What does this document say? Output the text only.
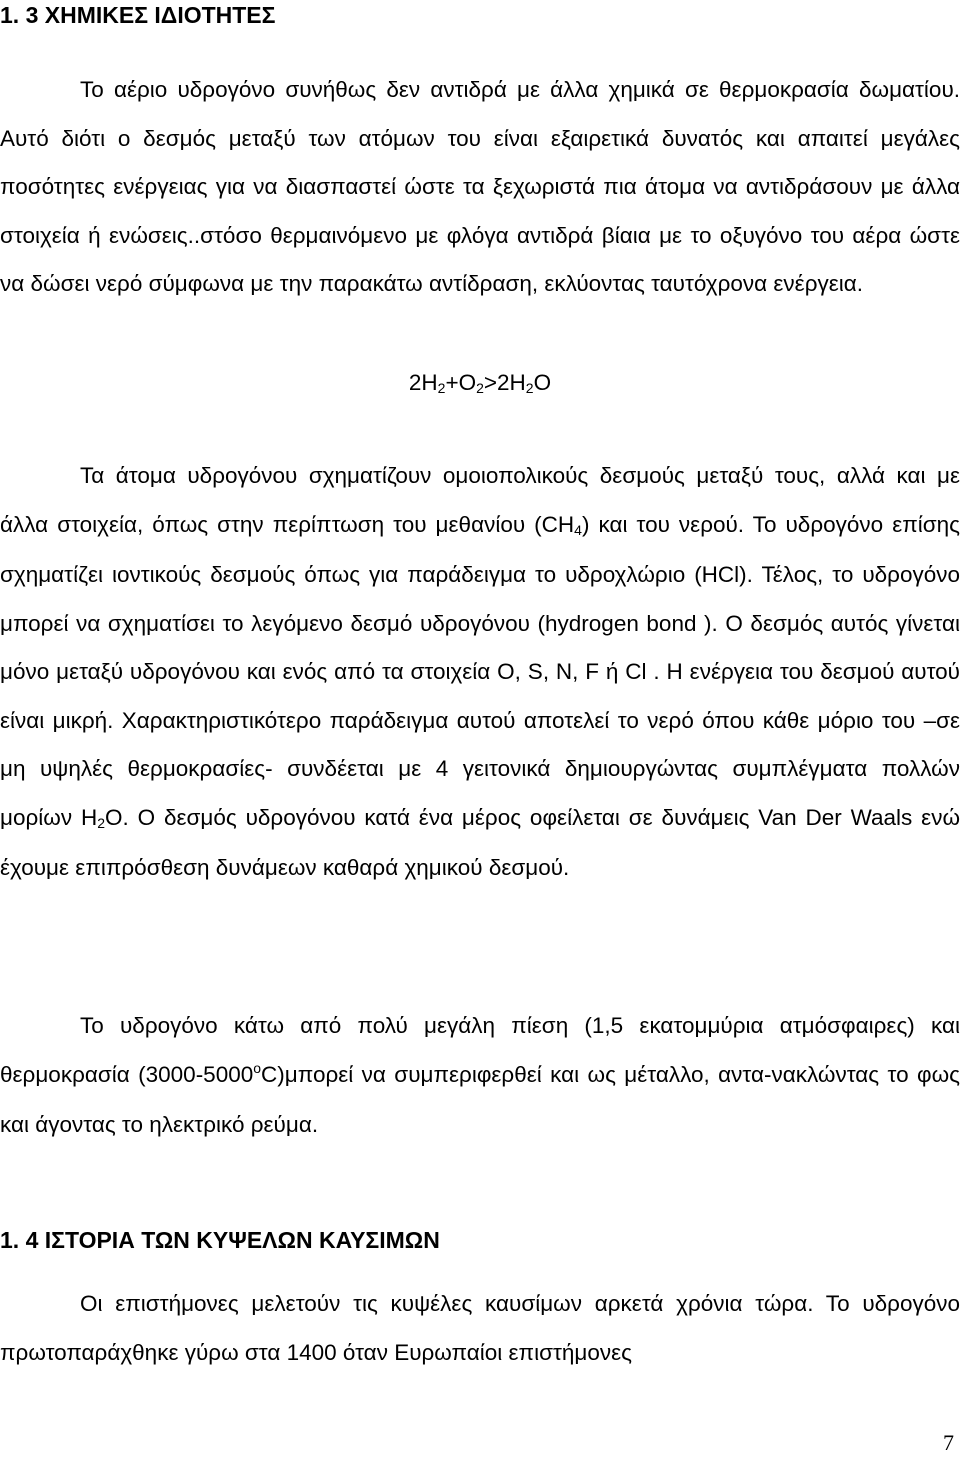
1. 3 ΧΗΜΙΚΕΣ ΙΔΙΟΤΗΤΕΣ

Το αέριο υδρογόνο συνήθως δεν αντιδρά με άλλα χημικά σε θερμοκρασία δωματίου. Αυτό διότι ο δεσμός μεταξύ των ατόμων του είναι εξαιρετικά δυνατός και απαιτεί μεγάλες ποσότητες ενέργειας για να διασπαστεί ώστε τα ξεχωριστά πια άτομα να αντιδράσουν με άλλα στοιχεία ή ενώσεις..στόσο θερμαινόμενο με φλόγα αντιδρά βίαια με το οξυγόνο του αέρα ώστε να δώσει νερό σύμφωνα με την παρακάτω αντίδραση, εκλύοντας ταυτόχρονα ενέργεια.

$2H_2+O_2>2H_2O$

Τα άτομα υδρογόνου σχηματίζουν ομοιοπολικούς δεσμούς μεταξύ τους, αλλά και με άλλα στοιχεία, όπως στην περίπτωση του μεθανίου $(CH_4)$ και του νερού. Το υδρογόνο επίσης σχηματίζει ιοντικούς δεσμούς όπως για παράδειγμα το υδροχλώριο (HCl). Τέλος, το υδρογόνο μπορεί να σχηματίσει το λεγόμενο δεσμό υδρογόνου (hydrogen bond ). Ο δεσμός αυτός γίνεται μόνο μεταξύ υδρογόνου και ενός από τα στοιχεία O, S, N, F ή Cl . Η ενέργεια του δεσμού αυτού είναι μικρή. Χαρακτηριστικότερο παράδειγμα αυτού αποτελεί το νερό όπου κάθε μόριο του –σε μη υψηλές θερμοκρασίες- συνδέεται με 4 γειτονικά δημιουργώντας συμπλέγματα πολλών μορίων $H_2O$. Ο δεσμός υδρογόνου κατά ένα μέρος οφείλεται σε δυνάμεις Van Der Waals ενώ έχουμε επιπρόσθεση δυνάμεων καθαρά χημικού δεσμού.

Το υδρογόνο κάτω από πολύ μεγάλη πίεση (1,5 εκατομμύρια ατμόσφαιρες) και θερμοκρασία (3000-5000$^o$C)μπορεί να συμπεριφερθεί και ως μέταλλο, αντα-νακλώντας το φως και άγοντας το ηλεκτρικό ρεύμα.

1. 4 ΙΣΤΟΡΙΑ ΤΩΝ ΚΥΨΕΛΩΝ ΚΑΥΣΙΜΩΝ

Οι επιστήμονες μελετούν τις κυψέλες καυσίμων αρκετά χρόνια τώρα. Το υδρογόνο πρωτοπαράχθηκε γύρω στα 1400 όταν Ευρωπαίοι επιστήμονες

7
